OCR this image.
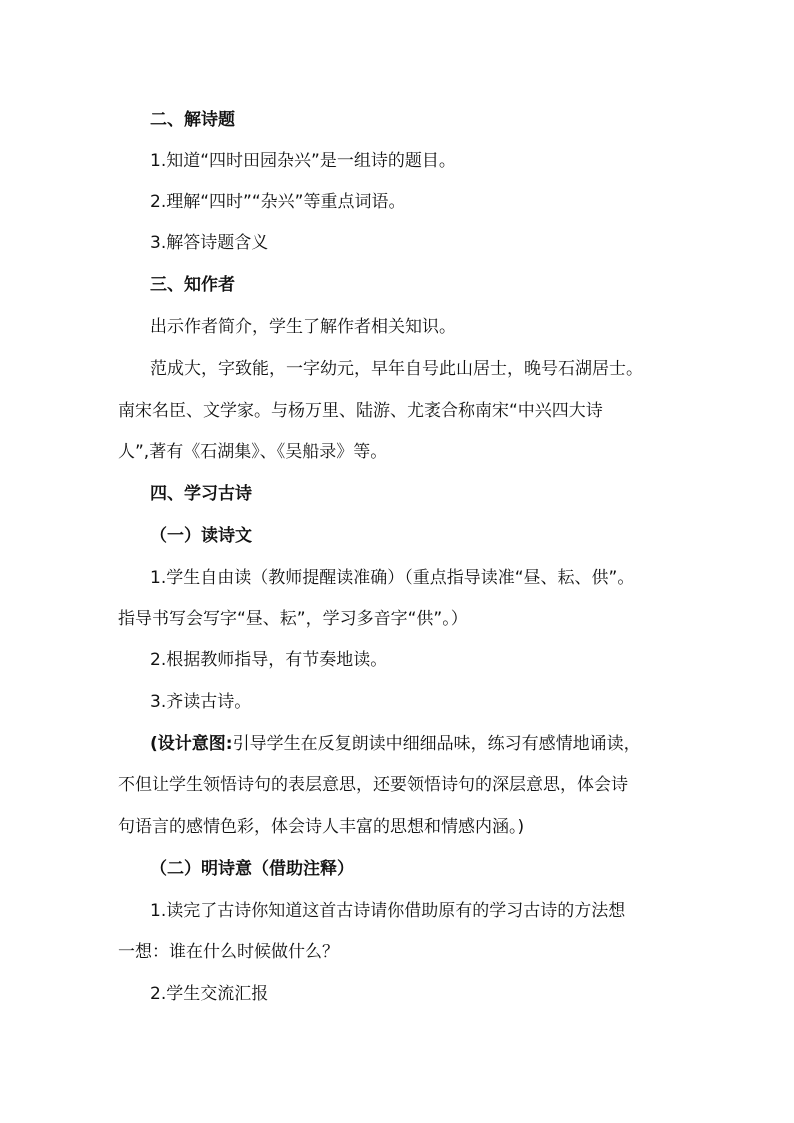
二、解诗题
1.知道“四时田园杂兴”是一组诗的题目。
2.理解“四时”“杂兴”等重点词语。
3.解答诗题含义
三、知作者
出示作者简介，学生了解作者相关知识。
范成大，字致能，一字幼元，早年自号此山居士，晚号石湖居士。
南宋名臣、文学家。与杨万里、陆游、尤袤合称南宋“中兴四大诗
人”,著有《石湖集》、《吴船录》等。
四、学习古诗
（一）读诗文
1.学生自由读（教师提醒读准确）（重点指导读准“昼、耘、供”。
指导书写会写字“昼、耘”，学习多音字“供”。）
2.根据教师指导，有节奏地读。
3.齐读古诗。
(设计意图:引导学生在反复朗读中细细品味，练习有感情地诵读，
不但让学生领悟诗句的表层意思，还要领悟诗句的深层意思，体会诗
句语言的感情色彩，体会诗人丰富的思想和情感内涵。)
（二）明诗意（借助注释）
1.读完了古诗你知道这首古诗请你借助原有的学习古诗的方法想
一想：谁在什么时候做什么？
2.学生交流汇报
